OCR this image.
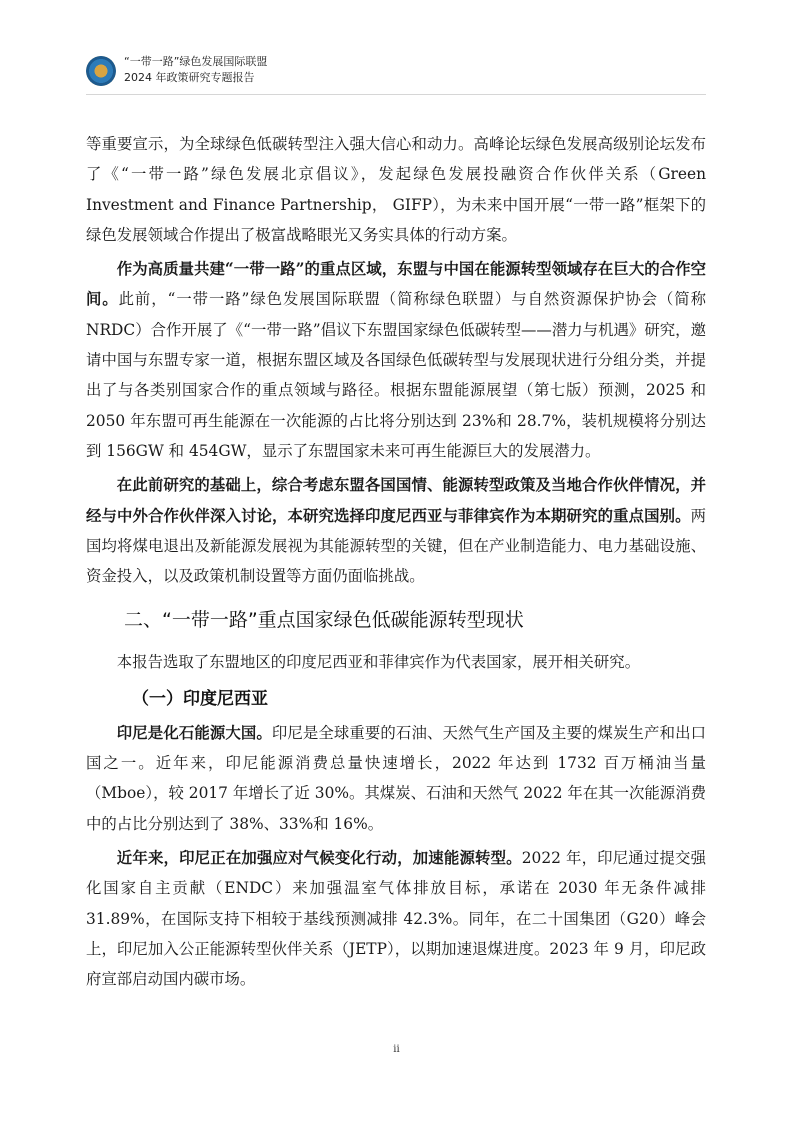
“一带一路”绿色发展国际联盟
2024 年政策研究专题报告

等重要宣示，为全球绿色低碳转型注入强大信心和动力。高峰论坛绿色发展高级别论坛发布了《“一带一路”绿色发展北京倡议》，发起绿色发展投融资合作伙伴关系（Green Investment and Finance Partnership， GIFP），为未来中国开展“一带一路”框架下的绿色发展领域合作提出了极富战略眼光又务实具体的行动方案。

作为高质量共建“一带一路”的重点区域，东盟与中国在能源转型领域存在巨大的合作空间。此前，“一带一路”绿色发展国际联盟（简称绿色联盟）与自然资源保护协会（简称 NRDC）合作开展了《“一带一路”倡议下东盟国家绿色低碳转型——潜力与机遇》研究，邀请中国与东盟专家一道，根据东盟区域及各国绿色低碳转型与发展现状进行分组分类，并提出了与各类别国家合作的重点领域与路径。根据东盟能源展望（第七版）预测，2025 和 2050 年东盟可再生能源在一次能源的占比将分别达到 23%和 28.7%，装机规模将分别达到 156GW 和 454GW，显示了东盟国家未来可再生能源巨大的发展潜力。

在此前研究的基础上，综合考虑东盟各国国情、能源转型政策及当地合作伙伴情况，并经与中外合作伙伴深入讨论，本研究选择印度尼西亚与菲律宾作为本期研究的重点国别。两国均将煤电退出及新能源发展视为其能源转型的关键，但在产业制造能力、电力基础设施、资金投入，以及政策机制设置等方面仍面临挑战。

二、“一带一路”重点国家绿色低碳能源转型现状

本报告选取了东盟地区的印度尼西亚和菲律宾作为代表国家，展开相关研究。

（一）印度尼西亚

印尼是化石能源大国。印尼是全球重要的石油、天然气生产国及主要的煤炭生产和出口国之一。近年来，印尼能源消费总量快速增长，2022 年达到 1732 百万桶油当量（Mboe），较 2017 年增长了近 30%。其煤炭、石油和天然气 2022 年在其一次能源消费中的占比分别达到了 38%、33%和 16%。

近年来，印尼正在加强应对气候变化行动，加速能源转型。2022 年，印尼通过提交强化国家自主贡献（ENDC）来加强温室气体排放目标，承诺在 2030 年无条件减排 31.89%，在国际支持下相较于基线预测减排 42.3%。同年，在二十国集团（G20）峰会上，印尼加入公正能源转型伙伴关系（JETP），以期加速退煤进度。2023 年 9 月，印尼政府宣部启动国内碳市场。

ii
